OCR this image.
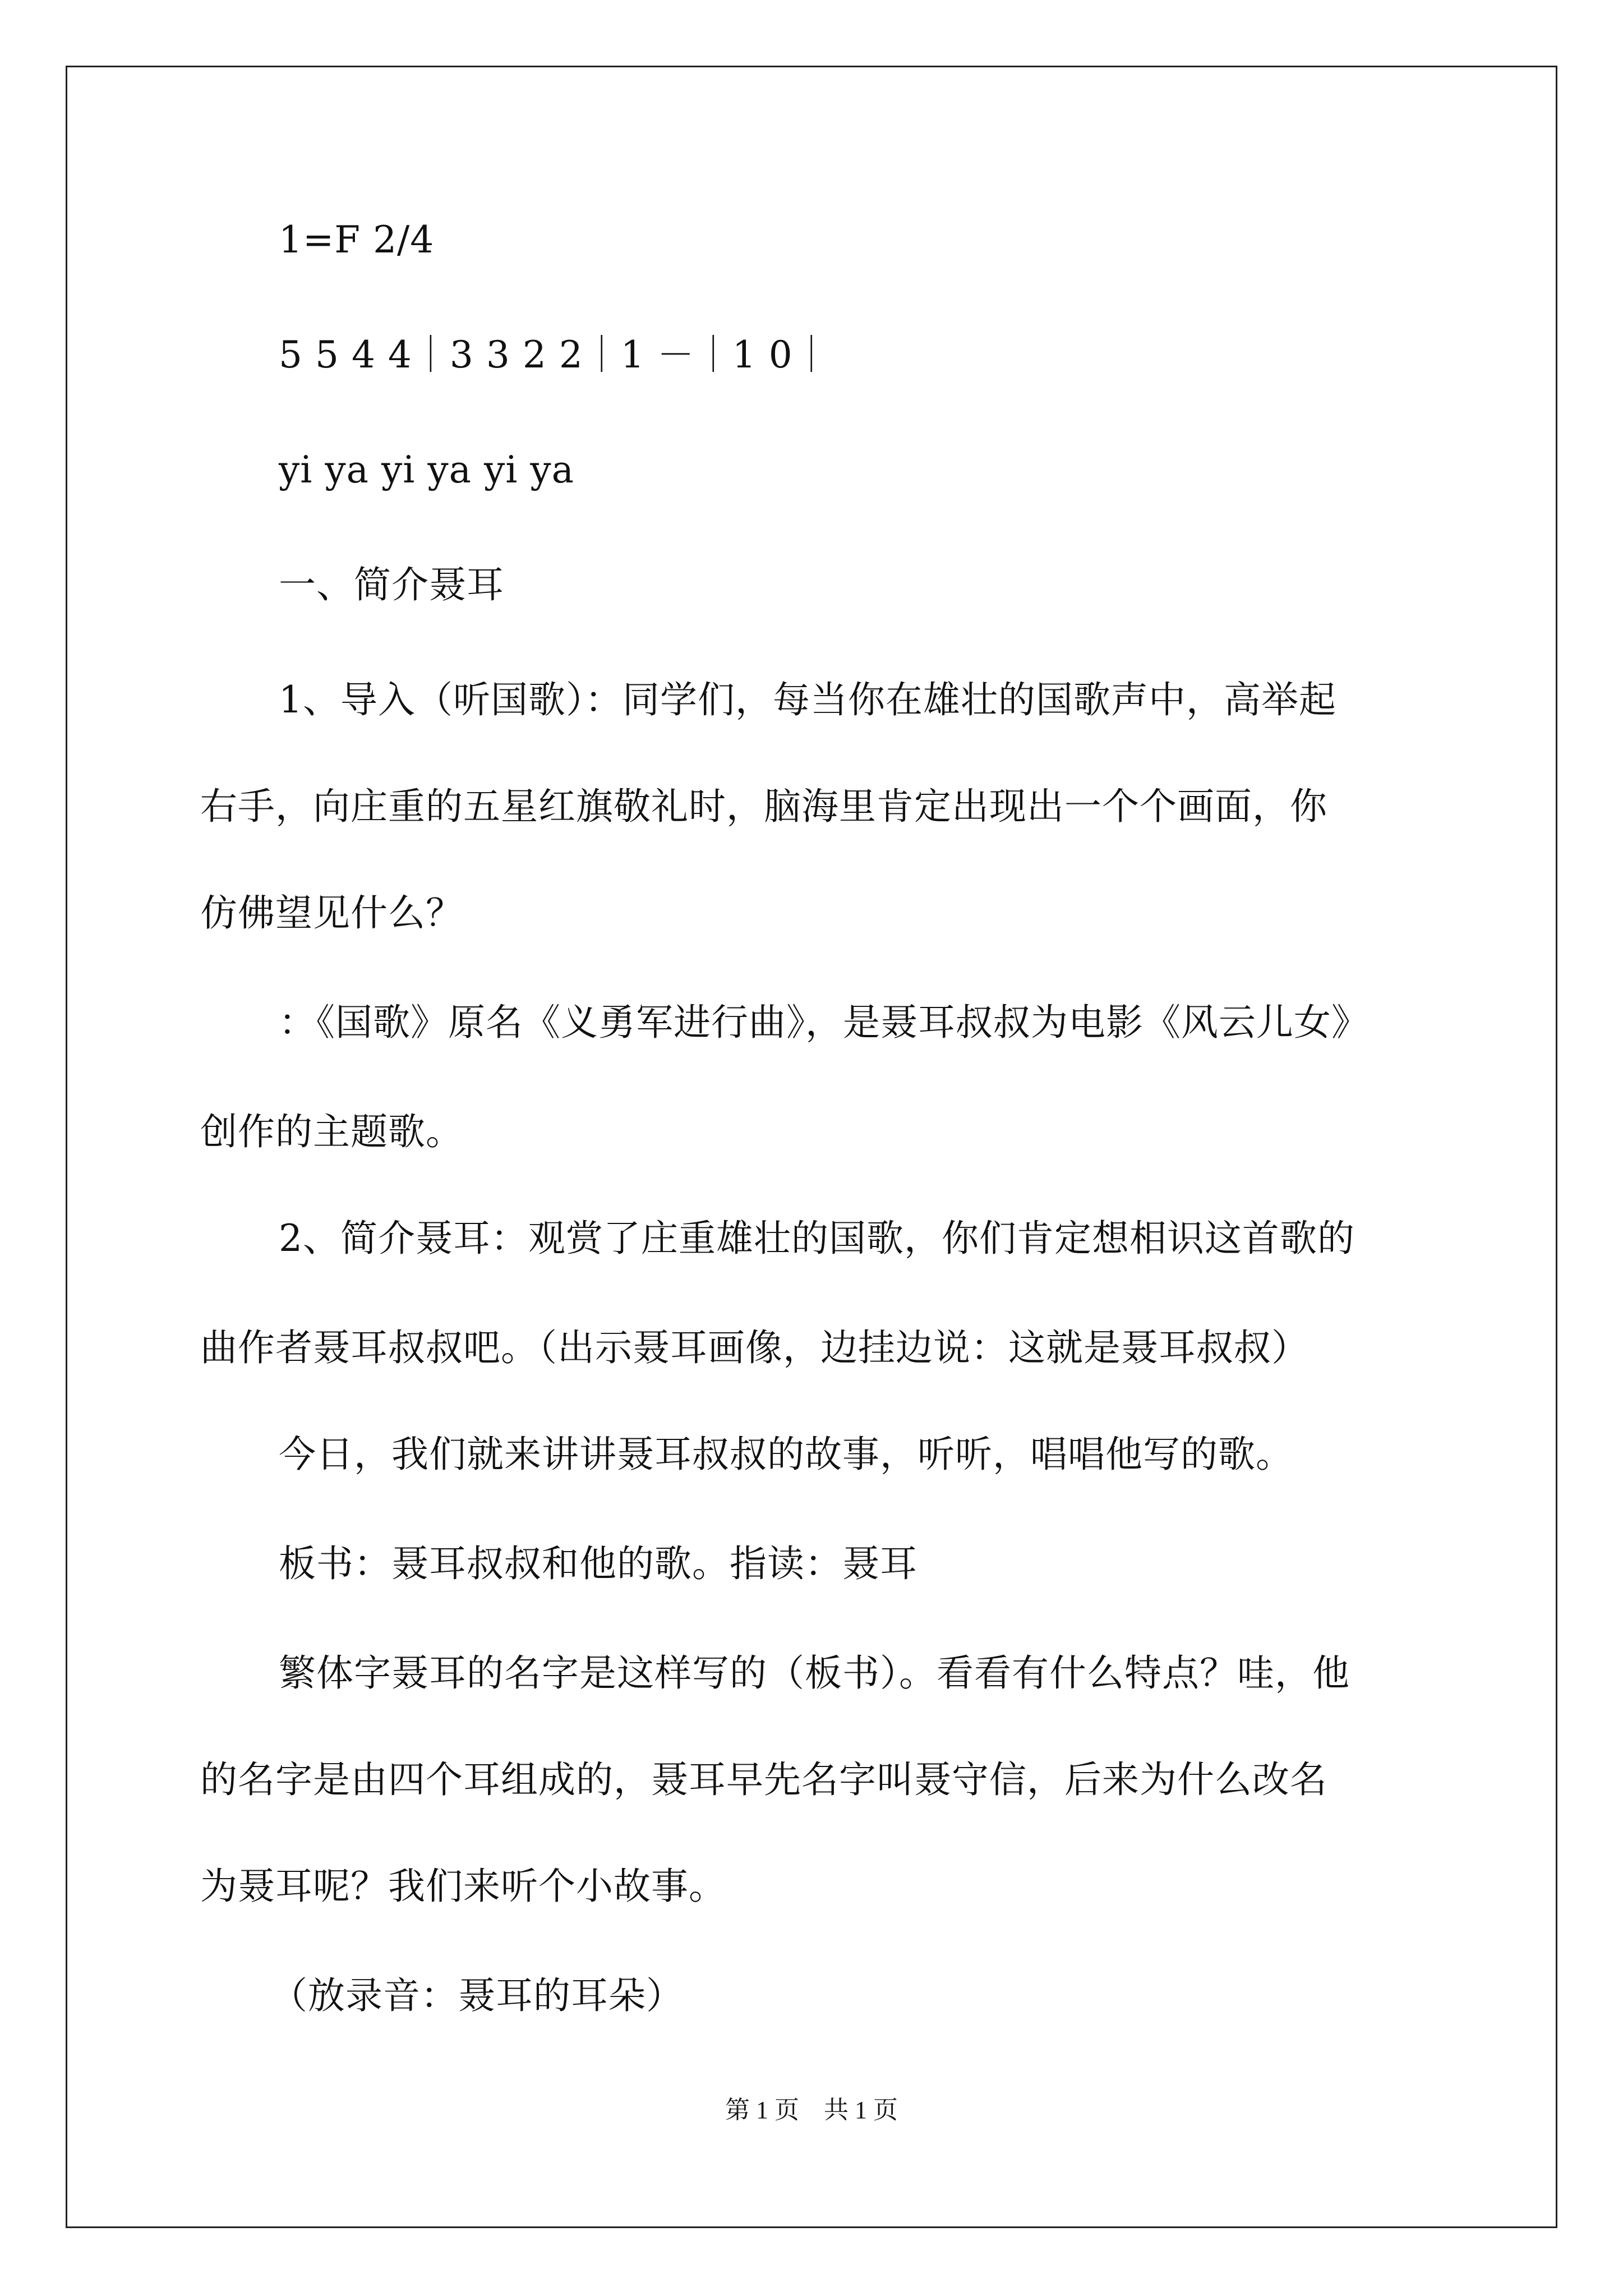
1=F 2/4
5 5 4 4｜3 3 2 2｜1 －｜1 0｜
yi ya yi ya yi ya
一、简介聂耳
1、导入（听国歌）：同学们，每当你在雄壮的国歌声中，高举起
右手，向庄重的五星红旗敬礼时，脑海里肯定出现出一个个画面，你
仿佛望见什么？
：《国歌》原名《义勇军进行曲》，是聂耳叔叔为电影《风云儿女》
创作的主题歌。
2、简介聂耳：观赏了庄重雄壮的国歌，你们肯定想相识这首歌的
曲作者聂耳叔叔吧。（出示聂耳画像，边挂边说：这就是聂耳叔叔）
今日，我们就来讲讲聂耳叔叔的故事，听听，唱唱他写的歌。
板书：聂耳叔叔和他的歌。指读：聂耳
繁体字聂耳的名字是这样写的（板书）。看看有什么特点？哇，他
的名字是由四个耳组成的，聂耳早先名字叫聂守信，后来为什么改名
为聂耳呢？我们来听个小故事。
（放录音：聂耳的耳朵）
第 1 页　共 1 页
